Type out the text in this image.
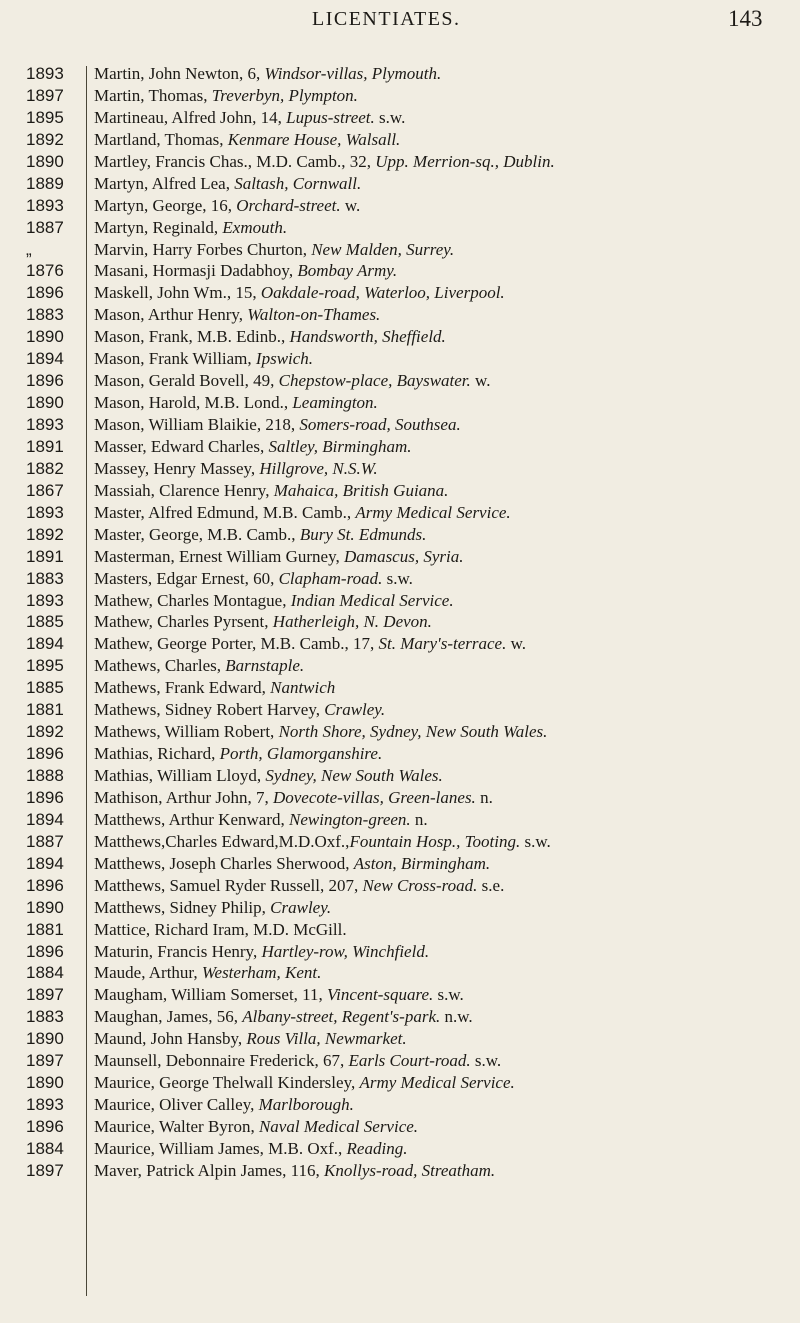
LICENTIATES.	143
1893	Martin, John Newton, 6, Windsor-villas, Plymouth.
1897	Martin, Thomas, Treverbyn, Plympton.
1895	Martineau, Alfred John, 14, Lupus-street. s.w.
1892	Martland, Thomas, Kenmare House, Walsall.
1890	Martley, Francis Chas., M.D. Camb., 32, Upp. Merrion-sq., Dublin.
1889	Martyn, Alfred Lea, Saltash, Cornwall.
1893	Martyn, George, 16, Orchard-street. w.
1887	Martyn, Reginald, Exmouth.
„	Marvin, Harry Forbes Churton, New Malden, Surrey.
1876	Masani, Hormasji Dadabhoy, Bombay Army.
1896	Maskell, John Wm., 15, Oakdale-road, Waterloo, Liverpool.
1883	Mason, Arthur Henry, Walton-on-Thames.
1890	Mason, Frank, M.B. Edinb., Handsworth, Sheffield.
1894	Mason, Frank William, Ipswich.
1896	Mason, Gerald Bovell, 49, Chepstow-place, Bayswater. w.
1890	Mason, Harold, M.B. Lond., Leamington.
1893	Mason, William Blaikie, 218, Somers-road, Southsea.
1891	Masser, Edward Charles, Saltley, Birmingham.
1882	Massey, Henry Massey, Hillgrove, N.S.W.
1867	Massiah, Clarence Henry, Mahaica, British Guiana.
1893	Master, Alfred Edmund, M.B. Camb., Army Medical Service.
1892	Master, George, M.B. Camb., Bury St. Edmunds.
1891	Masterman, Ernest William Gurney, Damascus, Syria.
1883	Masters, Edgar Ernest, 60, Clapham-road. s.w.
1893	Mathew, Charles Montague, Indian Medical Service.
1885	Mathew, Charles Pyrsent, Hatherleigh, N. Devon.
1894	Mathew, George Porter, M.B. Camb., 17, St. Mary's-terrace. w.
1895	Mathews, Charles, Barnstaple.
1885	Mathews, Frank Edward, Nantwich
1881	Mathews, Sidney Robert Harvey, Crawley.
1892	Mathews, William Robert, North Shore, Sydney, New South Wales.
1896	Mathias, Richard, Porth, Glamorganshire.
1888	Mathias, William Lloyd, Sydney, New South Wales.
1896	Mathison, Arthur John, 7, Dovecote-villas, Green-lanes. n.
1894	Matthews, Arthur Kenward, Newington-green. n.
1887	Matthews,Charles Edward,M.D.Oxf.,Fountain Hosp., Tooting. s.w.
1894	Matthews, Joseph Charles Sherwood, Aston, Birmingham.
1896	Matthews, Samuel Ryder Russell, 207, New Cross-road. s.e.
1890	Matthews, Sidney Philip, Crawley.
1881	Mattice, Richard Iram, M.D. McGill.
1896	Maturin, Francis Henry, Hartley-row, Winchfield.
1884	Maude, Arthur, Westerham, Kent.
1897	Maugham, William Somerset, 11, Vincent-square. s.w.
1883	Maughan, James, 56, Albany-street, Regent's-park. n.w.
1890	Maund, John Hansby, Rous Villa, Newmarket.
1897	Maunsell, Debonnaire Frederick, 67, Earls Court-road. s.w.
1890	Maurice, George Thelwall Kindersley, Army Medical Service.
1893	Maurice, Oliver Calley, Marlborough.
1896	Maurice, Walter Byron, Naval Medical Service.
1884	Maurice, William James, M.B. Oxf., Reading.
1897	Maver, Patrick Alpin James, 116, Knollys-road, Streatham.
